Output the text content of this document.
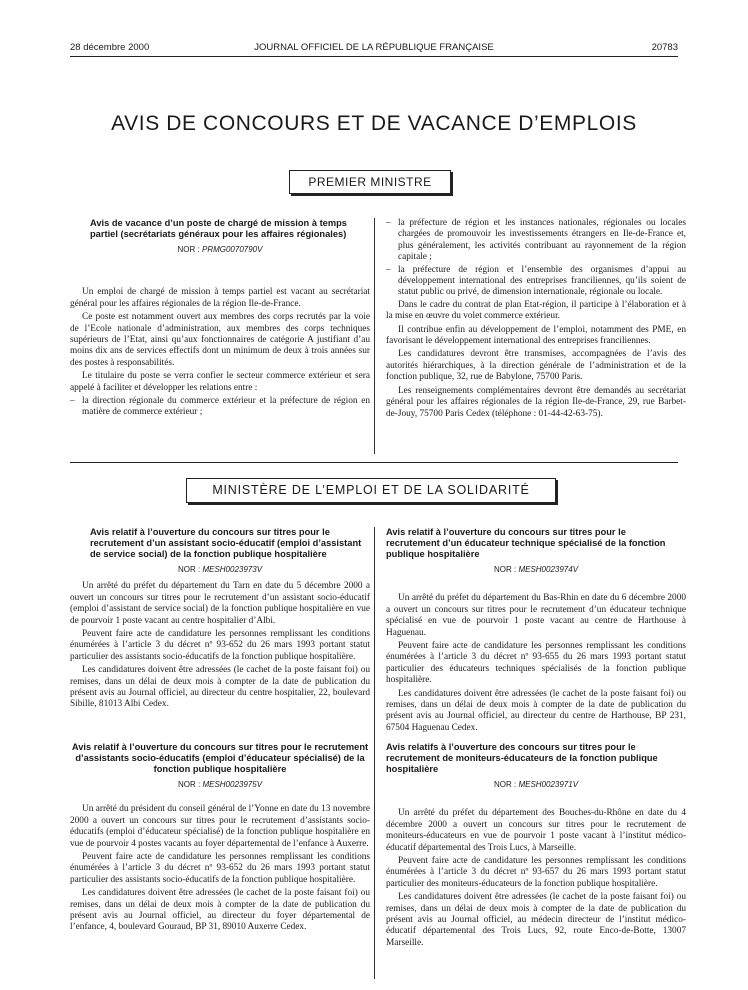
28 décembre 2000	JOURNAL OFFICIEL DE LA RÉPUBLIQUE FRANÇAISE	20783
AVIS DE CONCOURS ET DE VACANCE D’EMPLOIS
PREMIER MINISTRE
Avis de vacance d’un poste de chargé de mission à temps partiel (secrétariats généraux pour les affaires régionales)
NOR : PRMG0070790V

Un emploi de chargé de mission à temps partiel est vacant au secrétariat général pour les affaires régionales de la région Ile-de-France.

Ce poste est notamment ouvert aux membres des corps recrutés par la voie de l’Ecole nationale d’administration, aux membres des corps techniques supérieurs de l’Etat, ainsi qu’aux fonctionnaires de catégorie A justifiant d’au moins dix ans de services effectifs dont un minimum de deux à trois années sur des postes à responsabilités.

Le titulaire du poste se verra confier le secteur commerce extérieur et sera appelé à faciliter et développer les relations entre :

– la direction régionale du commerce extérieur et la préfecture de région en matière de commerce extérieur ;
– la préfecture de région et les instances nationales, régionales ou locales chargées de promouvoir les investissements étrangers en Ile-de-France et, plus généralement, les activités contribuant au rayonnement de la région capitale ;
– la préfecture de région et l’ensemble des organismes d’appui au développement international des entreprises franciliennes, qu’ils soient de statut public ou privé, de dimension internationale, régionale ou locale.

Dans le cadre du contrat de plan Etat-région, il participe à l’élaboration et à la mise en œuvre du volet commerce extérieur.

Il contribue enfin au développement de l’emploi, notamment des PME, en favorisant le développement international des entreprises franciliennes.

Les candidatures devront être transmises, accompagnées de l’avis des autorités hiérarchiques, à la direction générale de l’administration et de la fonction publique, 32, rue de Babylone, 75700 Paris.

Les renseignements complémentaires devront être demandés au secrétariat général pour les affaires régionales de la région Ile-de-France, 29, rue Barbet-de-Jouy, 75700 Paris Cedex (téléphone : 01-44-42-63-75).

MINISTÈRE DE L’EMPLOI ET DE LA SOLIDARITÉ
Avis relatif à l’ouverture du concours sur titres pour le recrutement d’un assistant socio-éducatif (emploi d’assistant de service social) de la fonction publique hospitalière
NOR : MESH0023973V

Un arrêté du préfet du département du Tarn en date du 5 décembre 2000 a ouvert un concours sur titres pour le recrutement d’un assistant socio-éducatif (emploi d’assistant de service social) de la fonction publique hospitalière en vue de pourvoir 1 poste vacant au centre hospitalier d’Albi.

Peuvent faire acte de candidature les personnes remplissant les conditions énumérées à l’article 3 du décret nº 93-652 du 26 mars 1993 portant statut particulier des assistants socio-éducatifs de la fonction publique hospitalière.

Les candidatures doivent être adressées (le cachet de la poste faisant foi) ou remises, dans un délai de deux mois à compter de la date de publication du présent avis au Journal officiel, au directeur du centre hospitalier, 22, boulevard Sibille, 81013 Albi Cedex.

Avis relatif à l’ouverture du concours sur titres pour le recrutement d’un éducateur technique spécialisé de la fonction publique hospitalière
NOR : MESH0023974V

Un arrêté du préfet du département du Bas-Rhin en date du 6 décembre 2000 a ouvert un concours sur titres pour le recrutement d’un éducateur technique spécialisé en vue de pourvoir 1 poste vacant au centre de Harthouse à Haguenau.

Peuvent faire acte de candidature les personnes remplissant les conditions énumérées à l’article 3 du décret nº 93-655 du 26 mars 1993 portant statut particulier des éducateurs techniques spécialisés de la fonction publique hospitalière.

Les candidatures doivent être adressées (le cachet de la poste faisant foi) ou remises, dans un délai de deux mois à compter de la date de publication du présent avis au Journal officiel, au directeur du centre de Harthouse, BP 231, 67504 Haguenau Cedex.

Avis relatif à l’ouverture du concours sur titres pour le recrutement d’assistants socio-éducatifs (emploi d’éducateur spécialisé) de la fonction publique hospitalière
NOR : MESH0023975V

Un arrêté du président du conseil général de l’Yonne en date du 13 novembre 2000 a ouvert un concours sur titres pour le recrutement d’assistants socio-éducatifs (emploi d’éducateur spécialisé) de la fonction publique hospitalière en vue de pourvoir 4 postes vacants au foyer départemental de l’enfance à Auxerre.

Peuvent faire acte de candidature les personnes remplissant les conditions énumérées à l’article 3 du décret nº 93-652 du 26 mars 1993 portant statut particulier des assistants socio-éducatifs de la fonction publique hospitalière.

Les candidatures doivent être adressées (le cachet de la poste faisant foi) ou remises, dans un délai de deux mois à compter de la date de publication du présent avis au Journal officiel, au directeur du foyer départemental de l’enfance, 4, boulevard Gouraud, BP 31, 89010 Auxerre Cedex.

Avis relatifs à l’ouverture des concours sur titres pour le recrutement de moniteurs-éducateurs de la fonction publique hospitalière
NOR : MESH0023971V

Un arrêté du préfet du département des Bouches-du-Rhône en date du 4 décembre 2000 a ouvert un concours sur titres pour le recrutement de moniteurs-éducateurs en vue de pourvoir 1 poste vacant à l’institut médico-éducatif départemental des Trois Lucs, à Marseille.

Peuvent faire acte de candidature les personnes remplissant les conditions énumérées à l’article 3 du décret nº 93-657 du 26 mars 1993 portant statut particulier des moniteurs-éducateurs de la fonction publique hospitalière.

Les candidatures doivent être adressées (le cachet de la poste faisant foi) ou remises, dans un délai de deux mois à compter de la date de publication du présent avis au Journal officiel, au médecin directeur de l’institut médico-éducatif départemental des Trois Lucs, 92, route Enco-de-Botte, 13007 Marseille.
